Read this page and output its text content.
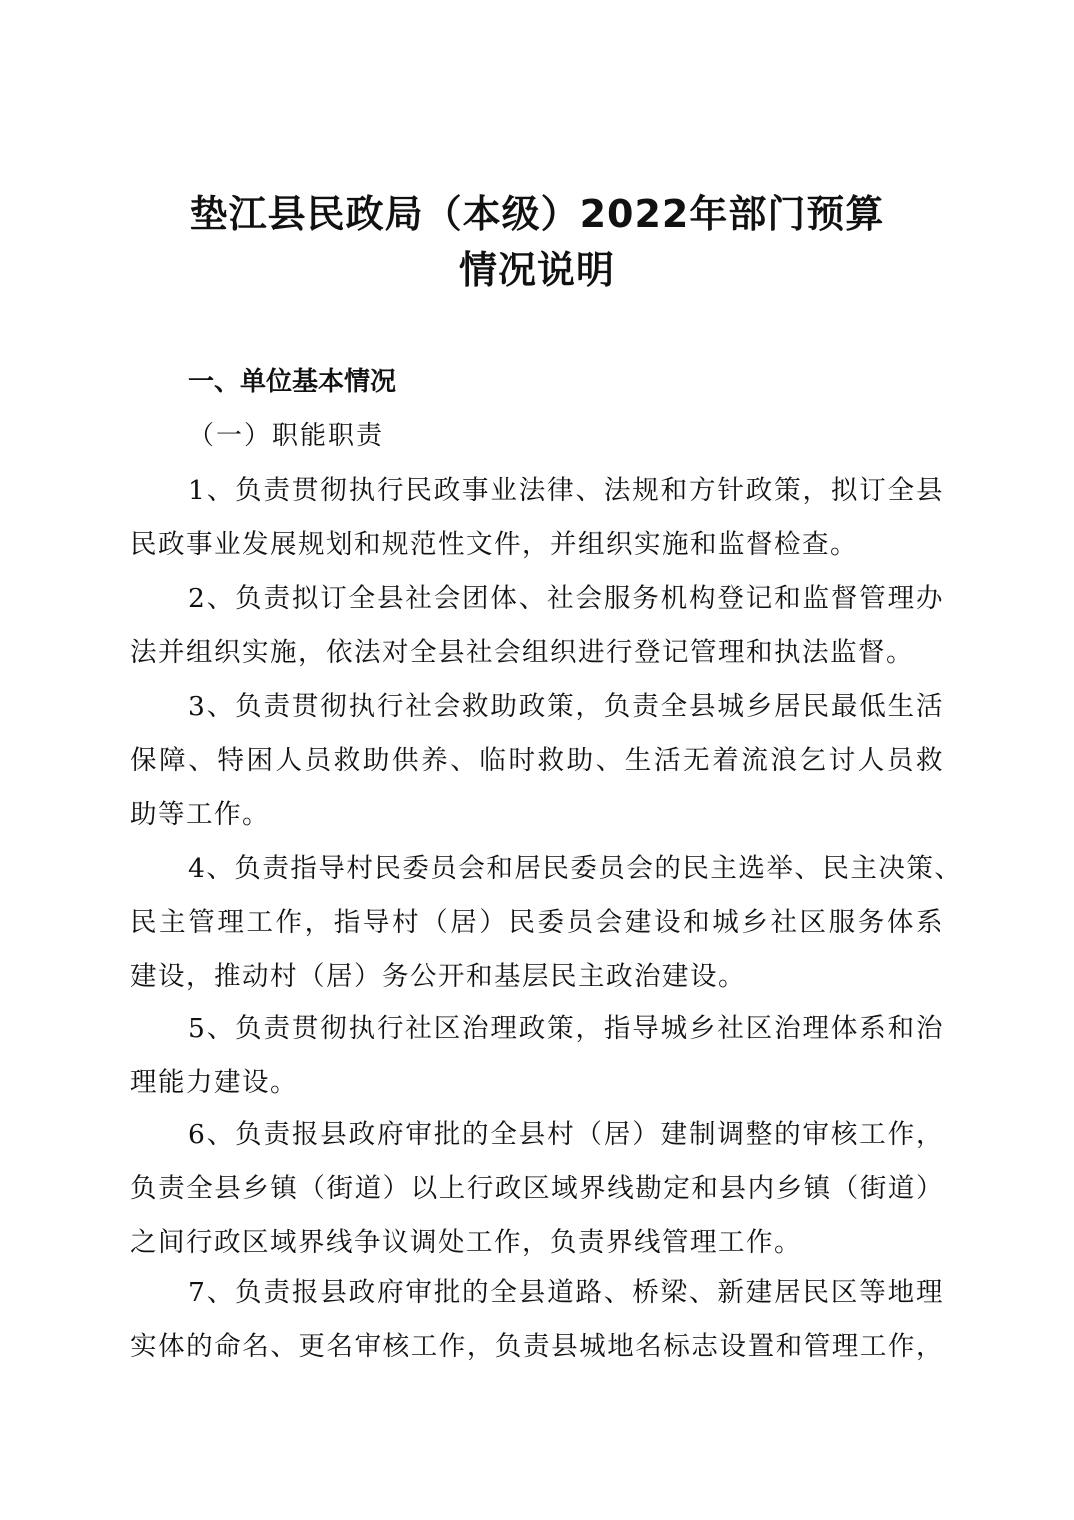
垫江县民政局（本级）2022年部门预算
情况说明
一、单位基本情况
（一）职能职责
1、负责贯彻执行民政事业法律、法规和方针政策，拟订全县
民政事业发展规划和规范性文件，并组织实施和监督检查。
2、负责拟订全县社会团体、社会服务机构登记和监督管理办
法并组织实施，依法对全县社会组织进行登记管理和执法监督。
3、负责贯彻执行社会救助政策，负责全县城乡居民最低生活
保障、特困人员救助供养、临时救助、生活无着流浪乞讨人员救
助等工作。
4、负责指导村民委员会和居民委员会的民主选举、民主决策、
民主管理工作，指导村（居）民委员会建设和城乡社区服务体系
建设，推动村（居）务公开和基层民主政治建设。
5、负责贯彻执行社区治理政策，指导城乡社区治理体系和治
理能力建设。
6、负责报县政府审批的全县村（居）建制调整的审核工作，
负责全县乡镇（街道）以上行政区域界线勘定和县内乡镇（街道）
之间行政区域界线争议调处工作，负责界线管理工作。
7、负责报县政府审批的全县道路、桥梁、新建居民区等地理
实体的命名、更名审核工作，负责县城地名标志设置和管理工作，
